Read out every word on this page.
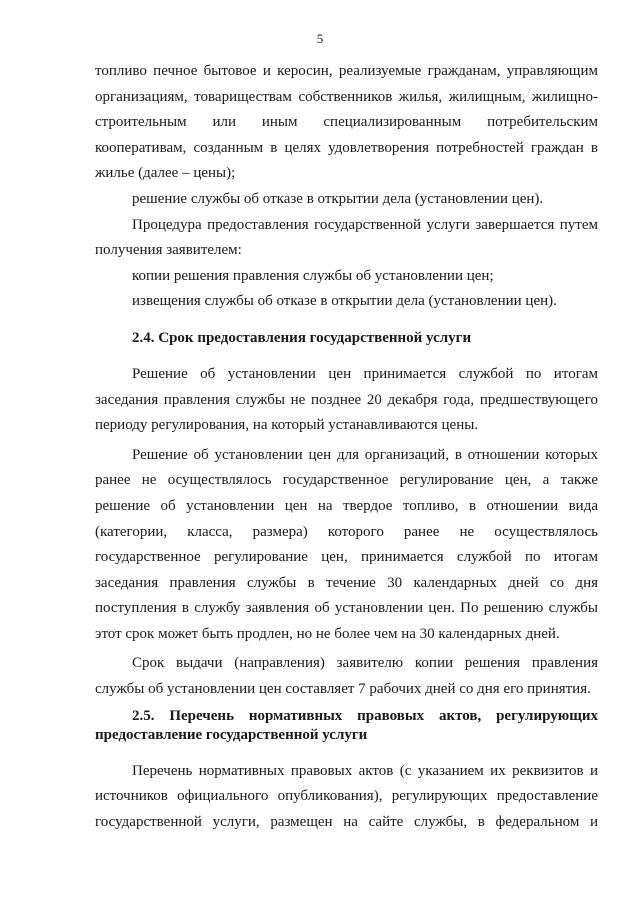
5

топливо печное бытовое и керосин, реализуемые гражданам, управляющим организациям, товариществам собственников жилья, жилищным, жилищно-строительным или иным специализированным потребительским кооперативам, созданным в целях удовлетворения потребностей граждан в жилье (далее – цены);

решение службы об отказе в открытии дела (установлении цен).

Процедура предоставления государственной услуги завершается путем получения заявителем:

копии решения правления службы об установлении цен;

извещения службы об отказе в открытии дела (установлении цен).

2.4. Срок предоставления государственной услуги

Решение об установлении цен принимается службой по итогам заседания правления службы не позднее 20 декабря года, предшествующего периоду регулирования, на который устанавливаются цены.

Решение об установлении цен для организаций, в отношении которых ранее не осуществлялось государственное регулирование цен, а также решение об установлении цен на твердое топливо, в отношении вида (категории, класса, размера) которого ранее не осуществлялось государственное регулирование цен, принимается службой по итогам заседания правления службы в течение 30 календарных дней со дня поступления в службу заявления об установлении цен. По решению службы этот срок может быть продлен, но не более чем на 30 календарных дней.

Срок выдачи (направления) заявителю копии решения правления службы об установлении цен составляет 7 рабочих дней со дня его принятия.

2.5. Перечень нормативных правовых актов, регулирующих предоставление государственной услуги

Перечень нормативных правовых актов (с указанием их реквизитов и источников официального опубликования), регулирующих предоставление государственной услуги, размещен на сайте службы, в федеральном и
